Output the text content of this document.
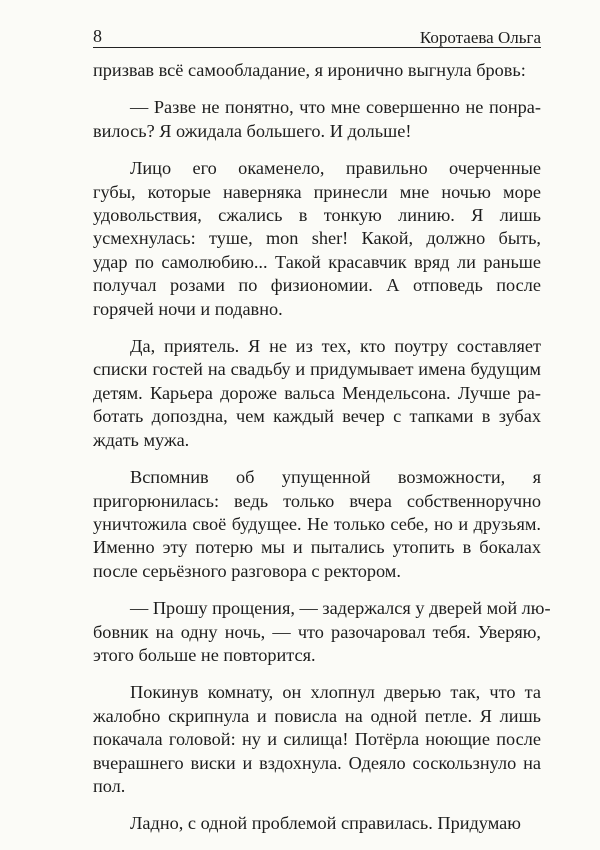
8	Коротаева Ольга

призвав всё самообладание, я иронично выгнула бровь:

— Разве не понятно, что мне совершенно не понра-
вилось? Я ожидала большего. И дольше!

Лицо его окаменело, правильно очерченные
губы, которые наверняка принесли мне ночью море
удовольствия, сжались в тонкую линию. Я лишь
усмехнулась: туше, mon sher! Какой, должно быть,
удар по самолюбию... Такой красавчик вряд ли раньше
получал розами по физиономии. А отповедь после
горячей ночи и подавно.

Да, приятель. Я не из тех, кто поутру составляет
списки гостей на свадьбу и придумывает имена будущим
детям. Карьера дороже вальса Мендельсона. Лучше ра-
ботать допоздна, чем каждый вечер с тапками в зубах
ждать мужа.

Вспомнив об упущенной возможности, я
пригорюнилась: ведь только вчера собственноручно
уничтожила своё будущее. Не только себе, но и друзьям.
Именно эту потерю мы и пытались утопить в бокалах
после серьёзного разговора с ректором.

— Прошу прощения, — задержался у дверей мой лю-
бовник на одну ночь, — что разочаровал тебя. Уверяю,
этого больше не повторится.

Покинув комнату, он хлопнул дверью так, что та
жалобно скрипнула и повисла на одной петле. Я лишь
покачала головой: ну и силища! Потёрла ноющие после
вчерашнего виски и вздохнула. Одеяло соскользнуло на
пол.

Ладно, с одной проблемой справилась. Придумаю
